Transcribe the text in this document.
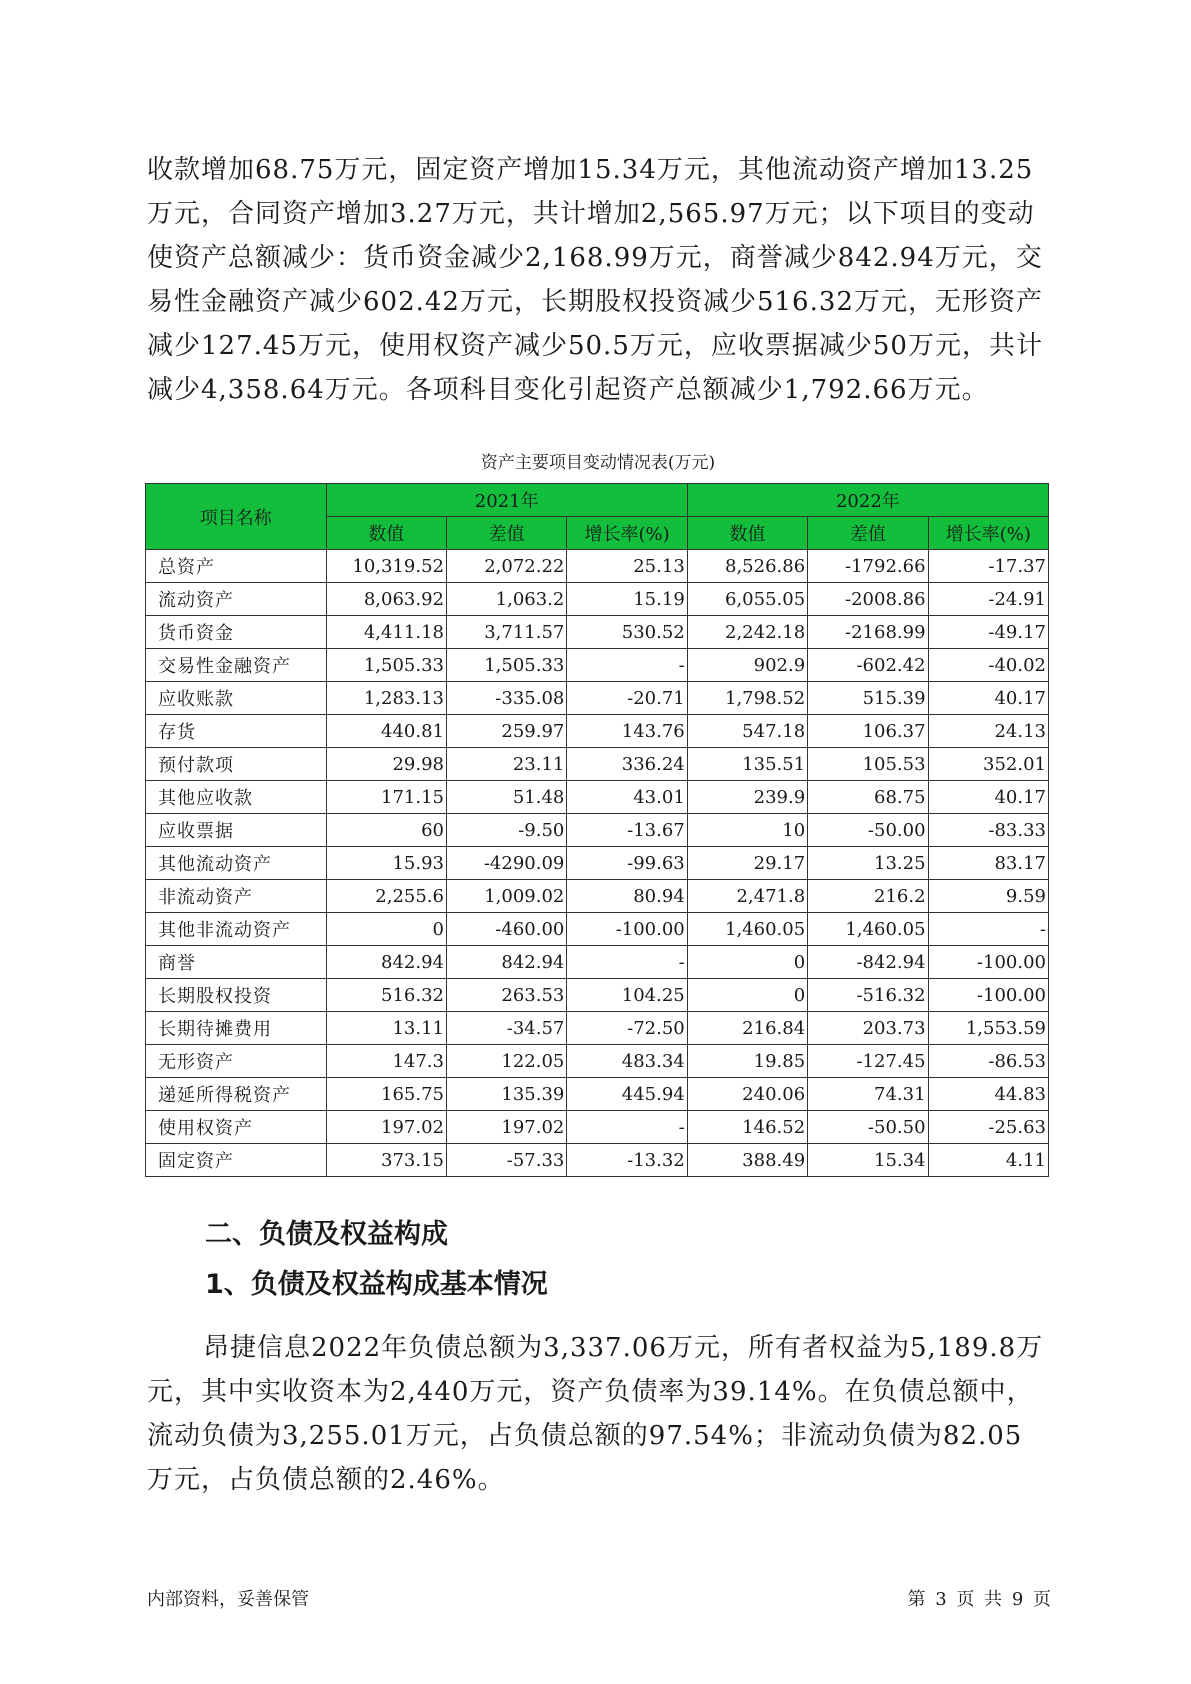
收款增加68.75万元，固定资产增加15.34万元，其他流动资产增加13.25万元，合同资产增加3.27万元，共计增加2,565.97万元；以下项目的变动使资产总额减少：货币资金减少2,168.99万元，商誉减少842.94万元，交易性金融资产减少602.42万元，长期股权投资减少516.32万元，无形资产减少127.45万元，使用权资产减少50.5万元，应收票据减少50万元，共计减少4,358.64万元。各项科目变化引起资产总额减少1,792.66万元。

资产主要项目变动情况表(万元)
项目名称	2021年			2022年		
	数值	差值	增长率(%)	数值	差值	增长率(%)
总资产	10,319.52	2,072.22	25.13	8,526.86	-1792.66	-17.37
流动资产	8,063.92	1,063.2	15.19	6,055.05	-2008.86	-24.91
货币资金	4,411.18	3,711.57	530.52	2,242.18	-2168.99	-49.17
交易性金融资产	1,505.33	1,505.33	-	902.9	-602.42	-40.02
应收账款	1,283.13	-335.08	-20.71	1,798.52	515.39	40.17
存货	440.81	259.97	143.76	547.18	106.37	24.13
预付款项	29.98	23.11	336.24	135.51	105.53	352.01
其他应收款	171.15	51.48	43.01	239.9	68.75	40.17
应收票据	60	-9.50	-13.67	10	-50.00	-83.33
其他流动资产	15.93	-4290.09	-99.63	29.17	13.25	83.17
非流动资产	2,255.6	1,009.02	80.94	2,471.8	216.2	9.59
其他非流动资产	0	-460.00	-100.00	1,460.05	1,460.05	-
商誉	842.94	842.94	-	0	-842.94	-100.00
长期股权投资	516.32	263.53	104.25	0	-516.32	-100.00
长期待摊费用	13.11	-34.57	-72.50	216.84	203.73	1,553.59
无形资产	147.3	122.05	483.34	19.85	-127.45	-86.53
递延所得税资产	165.75	135.39	445.94	240.06	74.31	44.83
使用权资产	197.02	197.02	-	146.52	-50.50	-25.63
固定资产	373.15	-57.33	-13.32	388.49	15.34	4.11
二、负债及权益构成
1、负债及权益构成基本情况

昂捷信息2022年负债总额为3,337.06万元，所有者权益为5,189.8万元，其中实收资本为2,440万元，资产负债率为39.14%。在负债总额中，流动负债为3,255.01万元，占负债总额的97.54%；非流动负债为82.05万元，占负债总额的2.46%。

内部资料，妥善保管	第 3 页 共 9 页
